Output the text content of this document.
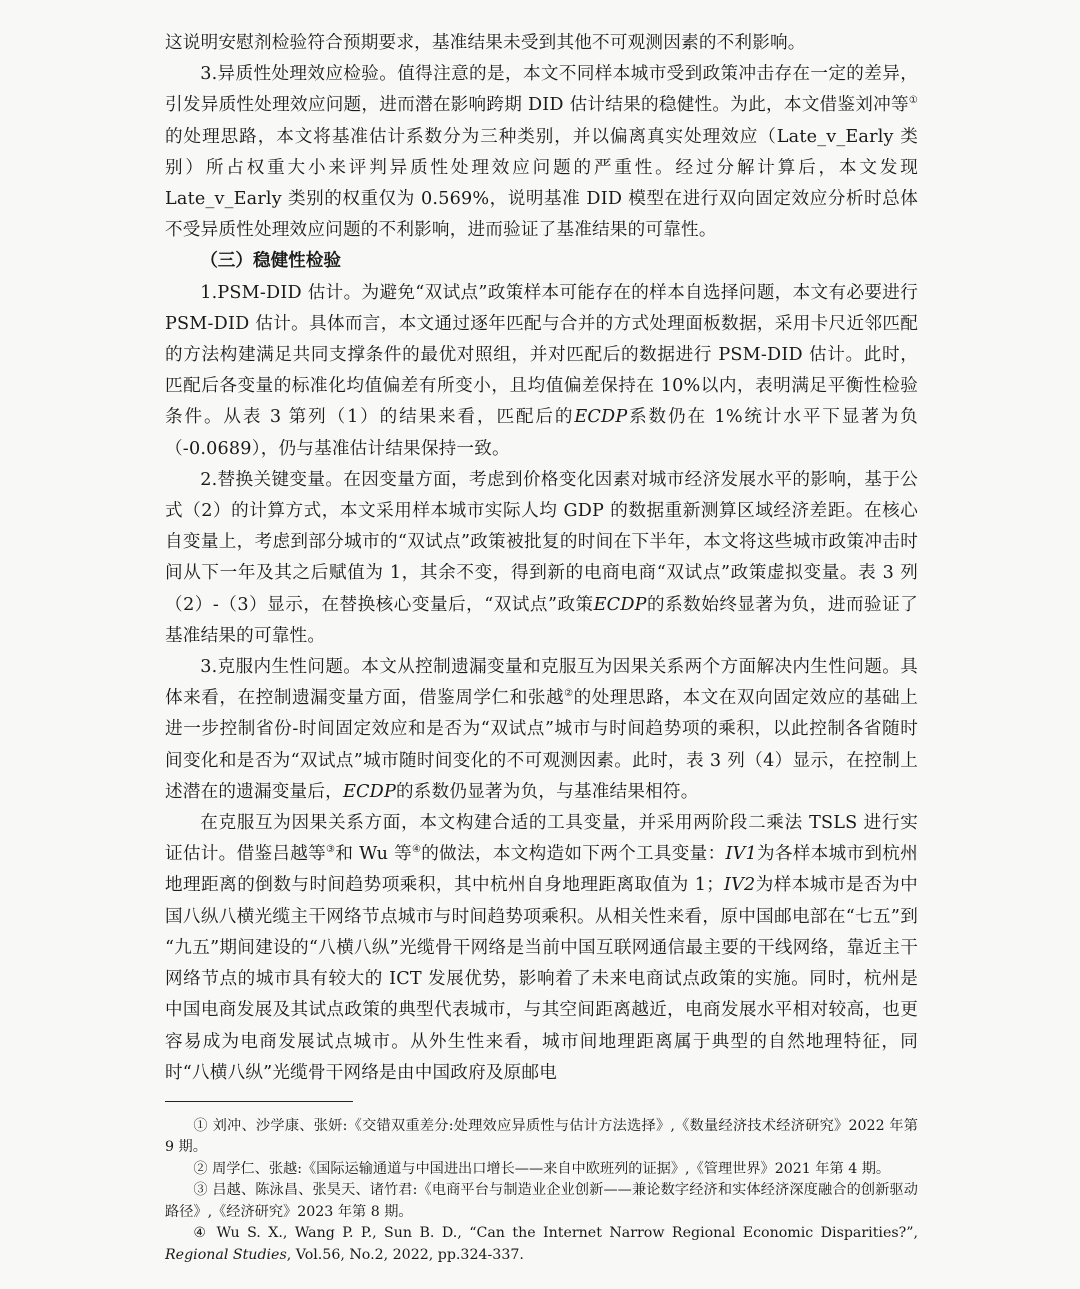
这说明安慰剂检验符合预期要求，基准结果未受到其他不可观测因素的不利影响。

3.异质性处理效应检验。值得注意的是，本文不同样本城市受到政策冲击存在一定的差异，引发异质性处理效应问题，进而潜在影响跨期 DID 估计结果的稳健性。为此，本文借鉴刘冲等①的处理思路，本文将基准估计系数分为三种类别，并以偏离真实处理效应（Late_v_Early 类别）所占权重大小来评判异质性处理效应问题的严重性。经过分解计算后，本文发现 Late_v_Early 类别的权重仅为 0.569%，说明基准 DID 模型在进行双向固定效应分析时总体不受异质性处理效应问题的不利影响，进而验证了基准结果的可靠性。

（三）稳健性检验

1.PSM-DID 估计。为避免“双试点”政策样本可能存在的样本自选择问题，本文有必要进行 PSM-DID 估计。具体而言，本文通过逐年匹配与合并的方式处理面板数据，采用卡尺近邻匹配的方法构建满足共同支撑条件的最优对照组，并对匹配后的数据进行 PSM-DID 估计。此时，匹配后各变量的标准化均值偏差有所变小，且均值偏差保持在 10%以内，表明满足平衡性检验条件。从表 3 第列（1）的结果来看，匹配后的ECDP系数仍在 1%统计水平下显著为负（-0.0689），仍与基准估计结果保持一致。

2.替换关键变量。在因变量方面，考虑到价格变化因素对城市经济发展水平的影响，基于公式（2）的计算方式，本文采用样本城市实际人均 GDP 的数据重新测算区域经济差距。在核心自变量上，考虑到部分城市的“双试点”政策被批复的时间在下半年，本文将这些城市政策冲击时间从下一年及其之后赋值为 1，其余不变，得到新的电商电商“双试点”政策虚拟变量。表 3 列（2）-（3）显示，在替换核心变量后，“双试点”政策ECDP的系数始终显著为负，进而验证了基准结果的可靠性。

3.克服内生性问题。本文从控制遗漏变量和克服互为因果关系两个方面解决内生性问题。具体来看，在控制遗漏变量方面，借鉴周学仁和张越②的处理思路，本文在双向固定效应的基础上进一步控制省份-时间固定效应和是否为“双试点”城市与时间趋势项的乘积，以此控制各省随时间变化和是否为“双试点”城市随时间变化的不可观测因素。此时，表 3 列（4）显示，在控制上述潜在的遗漏变量后，ECDP的系数仍显著为负，与基准结果相符。

在克服互为因果关系方面，本文构建合适的工具变量，并采用两阶段二乘法 TSLS 进行实证估计。借鉴吕越等③和 Wu 等④的做法，本文构造如下两个工具变量：IV1为各样本城市到杭州地理距离的倒数与时间趋势项乘积，其中杭州自身地理距离取值为 1；IV2为样本城市是否为中国八纵八横光缆主干网络节点城市与时间趋势项乘积。从相关性来看，原中国邮电部在“七五”到 “九五”期间建设的“八横八纵”光缆骨干网络是当前中国互联网通信最主要的干线网络，靠近主干网络节点的城市具有较大的 ICT 发展优势，影响着了未来电商试点政策的实施。同时，杭州是中国电商发展及其试点政策的典型代表城市，与其空间距离越近，电商发展水平相对较高，也更容易成为电商发展试点城市。从外生性来看，城市间地理距离属于典型的自然地理特征，同时“八横八纵”光缆骨干网络是由中国政府及原邮电

① 刘冲、沙学康、张妍:《交错双重差分:处理效应异质性与估计方法选择》,《数量经济技术经济研究》2022 年第 9 期。

② 周学仁、张越:《国际运输通道与中国进出口增长——来自中欧班列的证据》,《管理世界》2021 年第 4 期。

③ 吕越、陈泳昌、张昊天、诸竹君:《电商平台与制造业企业创新——兼论数字经济和实体经济深度融合的创新驱动路径》,《经济研究》2023 年第 8 期。

④ Wu S. X., Wang P. P., Sun B. D., “Can the Internet Narrow Regional Economic Disparities?”, Regional Studies, Vol.56, No.2, 2022, pp.324-337.
